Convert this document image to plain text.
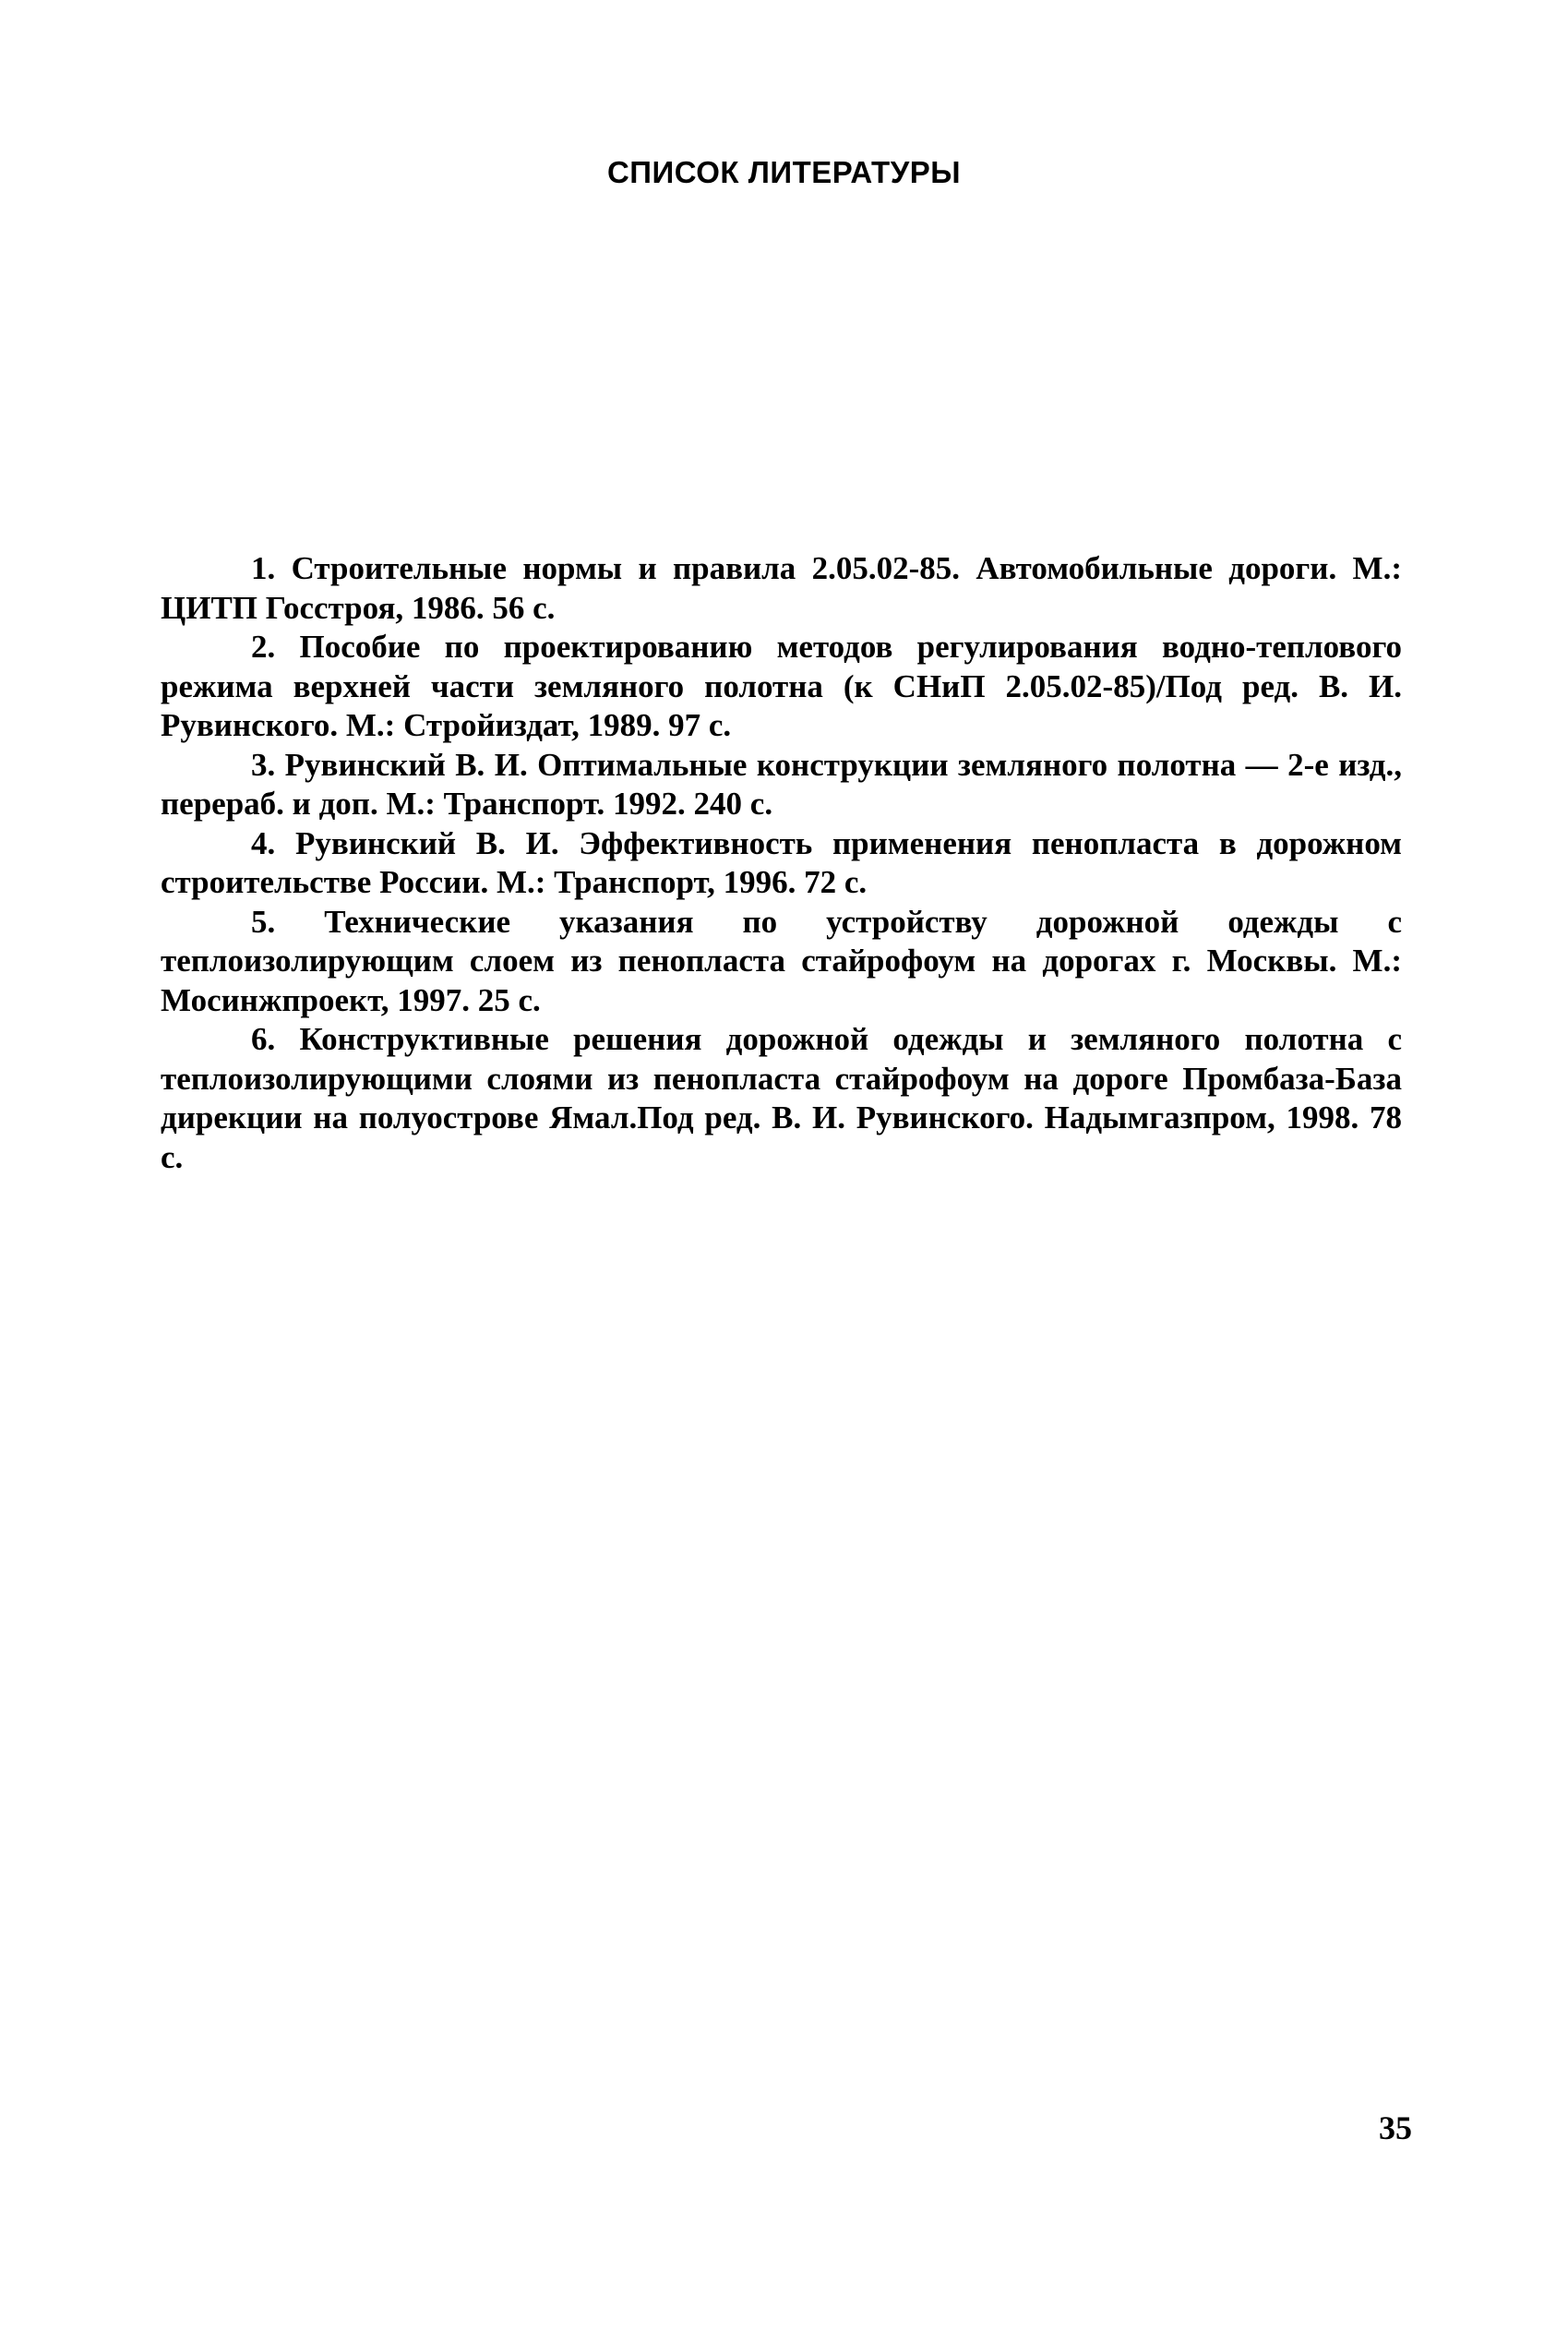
СПИСОК ЛИТЕРАТУРЫ

1. Строительные нормы и правила 2.05.02-85. Автомобильные дороги. М.: ЦИТП Госстроя, 1986. 56 с.

2. Пособие по проектированию методов регулирования водно-теплового режима верхней части земляного полотна (к СНиП 2.05.02-85)/Под ред. В. И. Рувинского. М.: Стройиздат, 1989. 97 с.

3. Рувинский В. И. Оптимальные конструкции земляного полотна — 2-е изд., перераб. и доп. М.: Транспорт. 1992. 240 с.

4. Рувинский В. И. Эффективность применения пенопласта в дорожном строительстве России. М.: Транспорт, 1996. 72 с.

5. Технические указания по устройству дорожной одежды с теплоизолирующим слоем из пенопласта стайрофоум на дорогах г. Москвы. М.: Мосинжпроект, 1997. 25 с.

6. Конструктивные решения дорожной одежды и земляного полотна с теплоизолирующими слоями из пенопласта стайрофоум на дороге Промбаза-База дирекции на полуострове Ямал.Под ред. В. И. Рувинского. Надымгазпром, 1998. 78 с.

35
